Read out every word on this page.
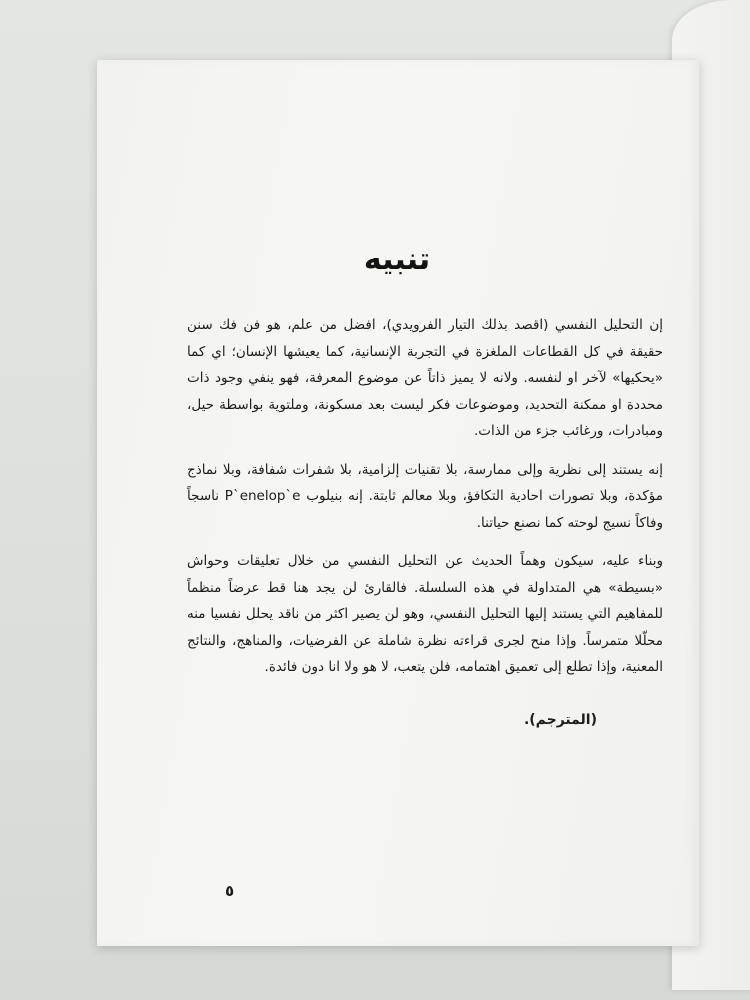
تنبيه

إن التحليل النفسي (اقصد بذلك التيار الفرويدي)، افضل من علم، هو فن فك سنن حقيقة في كل القطاعات الملغزة في التجربة الإنسانية، كما يعيشها الإنسان؛ اي كما «يحكيها» لآخر او لنفسه. ولانه لا يميز ذاتاً عن موضوع المعرفة، فهو ينفي وجود ذات محددة او ممكنة التحديد، وموضوعات فكر ليست بعد مسكونة، وملتوية بواسطة حيل، ومبادرات، ورغائب جزء من الذات.

إنه يستند إلى نظرية وإلى ممارسة، بلا تقنيات إلزامية، بلا شفرات شفافة، وبلا نماذج مؤكدة، وبلا تصورات احادية التكافؤ، وبلا معالم ثابتة. إنه بنيلوب P`enelop`e ناسجاً وفاكاً نسيج لوحته كما نصنع حياتنا.

وبناء عليه، سيكون وهماً الحديث عن التحليل النفسي من خلال تعليقات وحواش «بسيطة» هي المتداولة في هذه السلسلة. فالقارئ لن يجد هنا قط عرضاً منظماً للمفاهيم التي يستند إليها التحليل النفسي، وهو لن يصير اكثر من ناقد يحلل نفسيا منه محلّلا متمرساً. وإذا منح لجرى قراءته نظرة شاملة عن الفرضيات، والمناهج، والنتائج المعنية، وإذا تطلع إلى تعميق اهتمامه، فلن يتعب، لا هو ولا انا دون فائدة.

(المترجم).

٥
